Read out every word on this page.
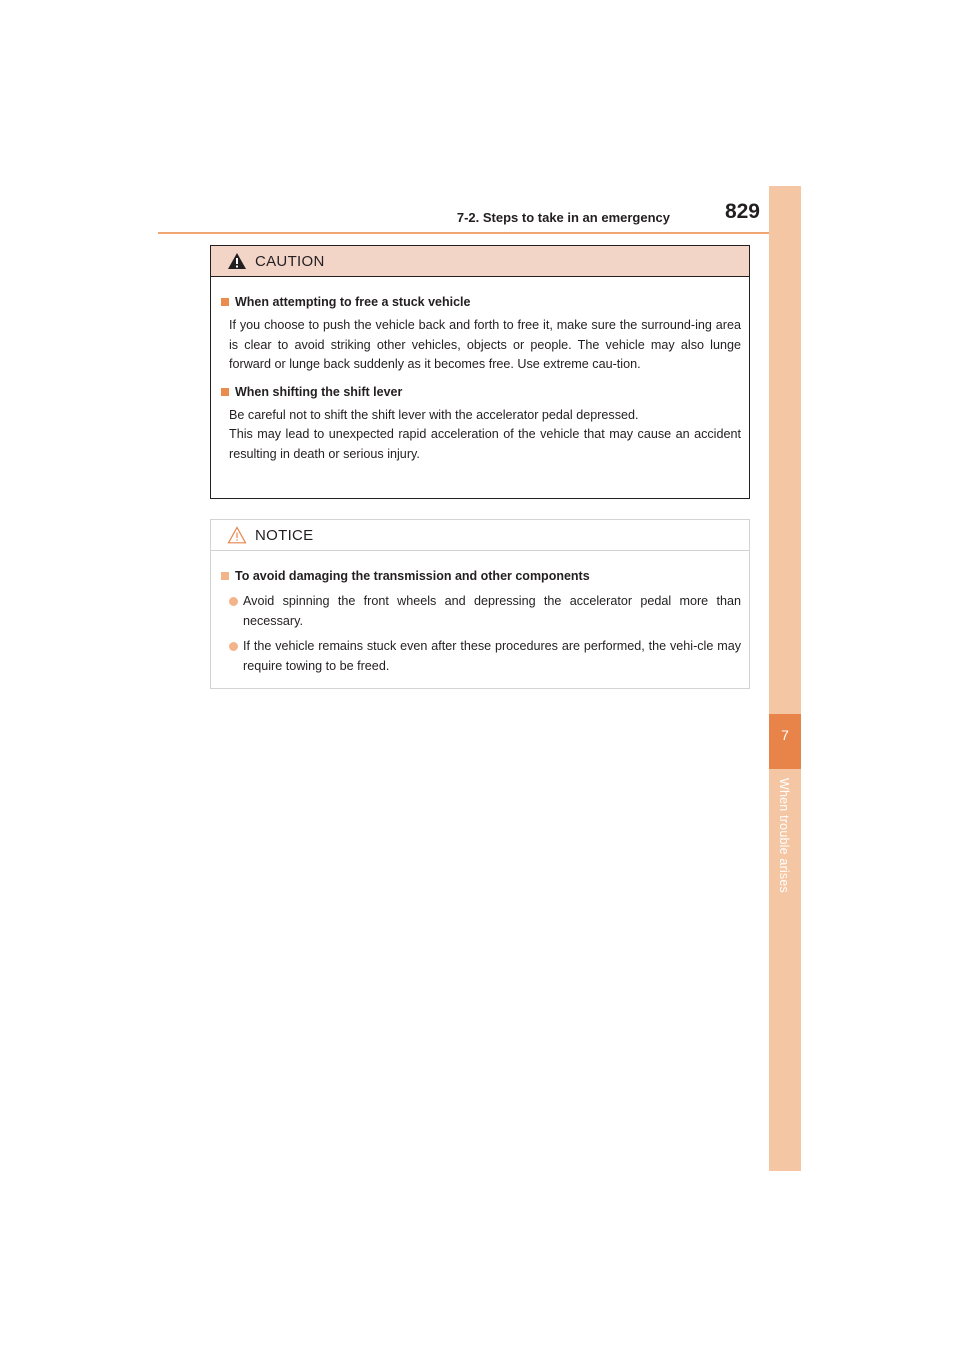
7-2. Steps to take in an emergency	829
7
When trouble arises
CAUTION
When attempting to free a stuck vehicle
If you choose to push the vehicle back and forth to free it, make sure the surround-ing area is clear to avoid striking other vehicles, objects or people. The vehicle may also lunge forward or lunge back suddenly as it becomes free. Use extreme cau-tion.
When shifting the shift lever
Be careful not to shift the shift lever with the accelerator pedal depressed.
This may lead to unexpected rapid acceleration of the vehicle that may cause an accident resulting in death or serious injury.
NOTICE
To avoid damaging the transmission and other components
Avoid spinning the front wheels and depressing the accelerator pedal more than necessary.
If the vehicle remains stuck even after these procedures are performed, the vehi-cle may require towing to be freed.
